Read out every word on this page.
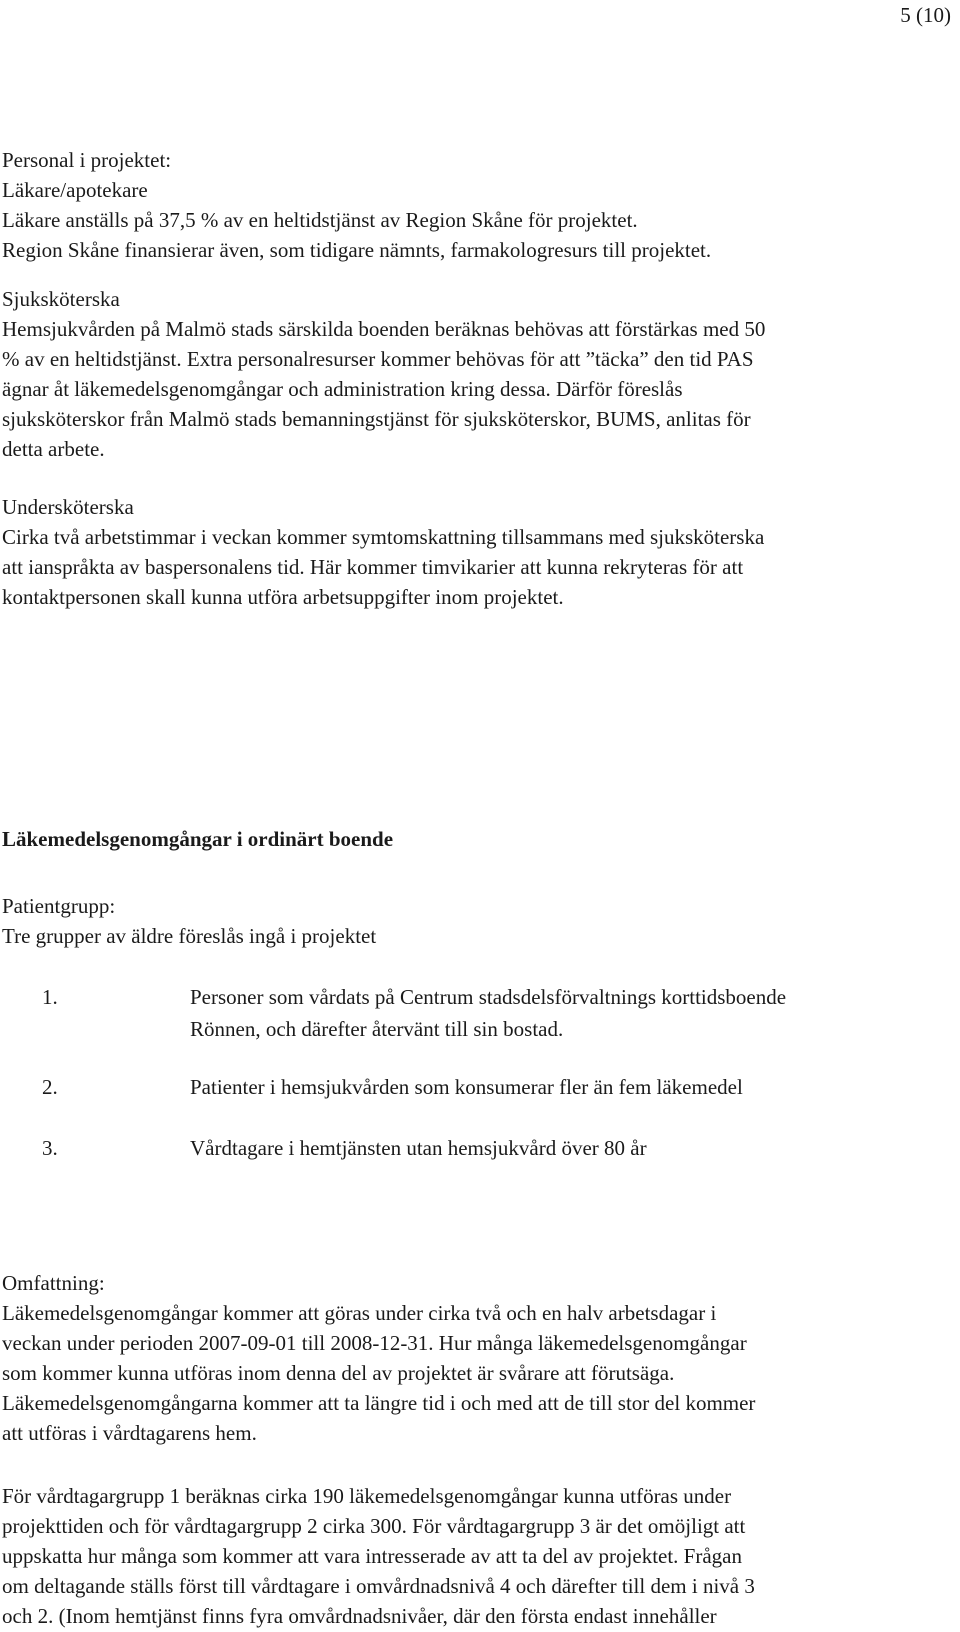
5 (10)

Personal i projektet:

Läkare/apotekare

Läkare anställs på 37,5 % av en heltidstjänst av Region Skåne för projektet.

Region Skåne finansierar även, som tidigare nämnts, farmakologresurs till projektet.

Sjuksköterska

Hemsjukvården på Malmö stads särskilda boenden beräknas behövas att förstärkas med 50

% av en heltidstjänst. Extra personalresurser kommer behövas för att ”täcka” den tid PAS

ägnar åt läkemedelsgenomgångar och administration kring dessa. Därför föreslås

sjuksköterskor från Malmö stads bemanningstjänst för sjuksköterskor, BUMS, anlitas för

detta arbete.

Undersköterska

Cirka två arbetstimmar i veckan kommer symtomskattning tillsammans med sjuksköterska

att ianspråkta av baspersonalens tid. Här kommer timvikarier att kunna rekryteras för att

kontaktpersonen skall kunna utföra arbetsuppgifter inom projektet.

Läkemedelsgenomgångar i ordinärt boende

Patientgrupp:

Tre grupper av äldre föreslås ingå i projektet

1.	Personer som vårdats på Centrum stadsdelsförvaltnings korttidsboende
Rönnen, och därefter återvänt till sin bostad.
2.	Patienter i hemsjukvården som konsumerar fler än fem läkemedel
3.	Vårdtagare i hemtjänsten utan hemsjukvård över 80 år

Omfattning:

Läkemedelsgenomgångar kommer att göras under cirka två och en halv arbetsdagar i

veckan under perioden 2007-09-01 till 2008-12-31. Hur många läkemedelsgenomgångar

som kommer kunna utföras inom denna del av projektet är svårare att förutsäga.

Läkemedelsgenomgångarna kommer att ta längre tid i och med att de till stor del kommer

att utföras i vårdtagarens hem.

För vårdtagargrupp 1 beräknas cirka 190 läkemedelsgenomgångar kunna utföras under

projekttiden och för vårdtagargrupp 2 cirka 300. För vårdtagargrupp 3 är det omöjligt att

uppskatta hur många som kommer att vara intresserade av att ta del av projektet. Frågan

om deltagande ställs först till vårdtagare i omvårdnadsnivå 4 och därefter till dem i nivå 3

och 2. (Inom hemtjänst finns fyra omvårdnadsnivåer, där den första endast innehåller
